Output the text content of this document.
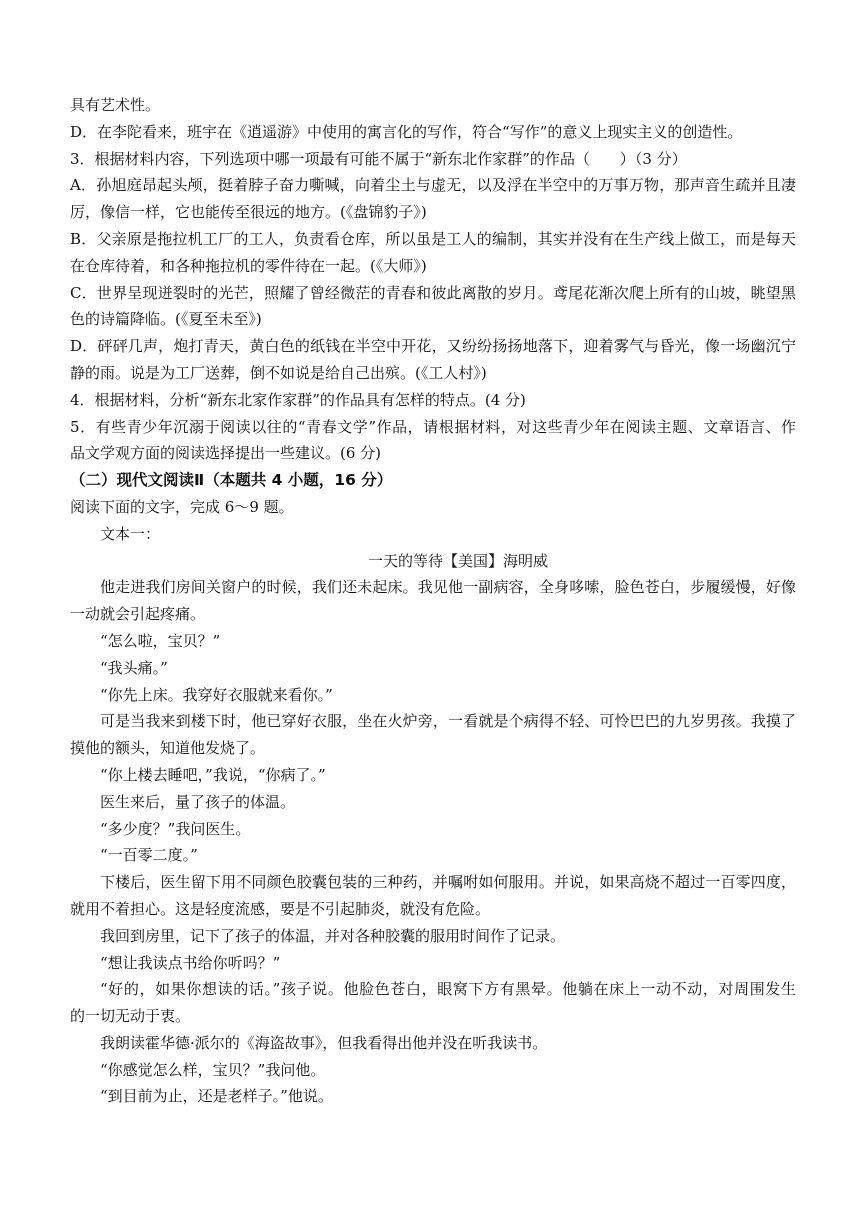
具有艺术性。
D．在李陀看来，班宇在《逍遥游》中使用的寓言化的写作，符合“写作”的意义上现实主义的创造性。
3．根据材料内容，下列选项中哪一项最有可能不属于“新东北作家群”的作品（　　）（3 分）
A．孙旭庭昂起头颅，挺着脖子奋力嘶喊，向着尘土与虚无，以及浮在半空中的万事万物，那声音生疏并且凄
厉，像信一样，它也能传至很远的地方。(《盘锦豹子》)
B．父亲原是拖拉机工厂的工人，负责看仓库，所以虽是工人的编制，其实并没有在生产线上做工，而是每天
在仓库待着，和各种拖拉机的零件待在一起。(《大师》)
C．世界呈现迸裂时的光芒，照耀了曾经微茫的青春和彼此离散的岁月。鸢尾花渐次爬上所有的山坡，眺望黑
色的诗篇降临。(《夏至未至》)
D．砰砰几声，炮打青天，黄白色的纸钱在半空中开花，又纷纷扬扬地落下，迎着雾气与昏光，像一场幽沉宁
静的雨。说是为工厂送葬，倒不如说是给自己出殡。(《工人村》)
4．根据材料，分析“新东北家作家群”的作品具有怎样的特点。(4 分)
5．有些青少年沉溺于阅读以往的“青春文学”作品，请根据材料，对这些青少年在阅读主题、文章语言、作
品文学观方面的阅读选择提出一些建议。(6 分)
（二）现代文阅读Ⅱ（本题共 4 小题，16 分）
阅读下面的文字，完成 6～9 题。
文本一：
一天的等待【美国】海明威
他走进我们房间关窗户的时候，我们还未起床。我见他一副病容，全身哆嗦，脸色苍白，步履缓慢，好像
一动就会引起疼痛。
“怎么啦，宝贝？”
“我头痛。”
“你先上床。我穿好衣服就来看你。”
可是当我来到楼下时，他已穿好衣服，坐在火炉旁，一看就是个病得不轻、可怜巴巴的九岁男孩。我摸了
摸他的额头，知道他发烧了。
“你上楼去睡吧，”我说，“你病了。”
医生来后，量了孩子的体温。
“多少度？”我问医生。
“一百零二度。”
下楼后，医生留下用不同颜色胶囊包装的三种药，并嘱咐如何服用。并说，如果高烧不超过一百零四度，
就用不着担心。这是轻度流感，要是不引起肺炎，就没有危险。
我回到房里，记下了孩子的体温，并对各种胶囊的服用时间作了记录。
“想让我读点书给你听吗？”
“好的，如果你想读的话。”孩子说。他脸色苍白，眼窝下方有黑晕。他躺在床上一动不动，对周围发生
的一切无动于衷。
我朗读霍华德·派尔的《海盗故事》，但我看得出他并没在听我读书。
“你感觉怎么样，宝贝？”我问他。
“到目前为止，还是老样子。”他说。
